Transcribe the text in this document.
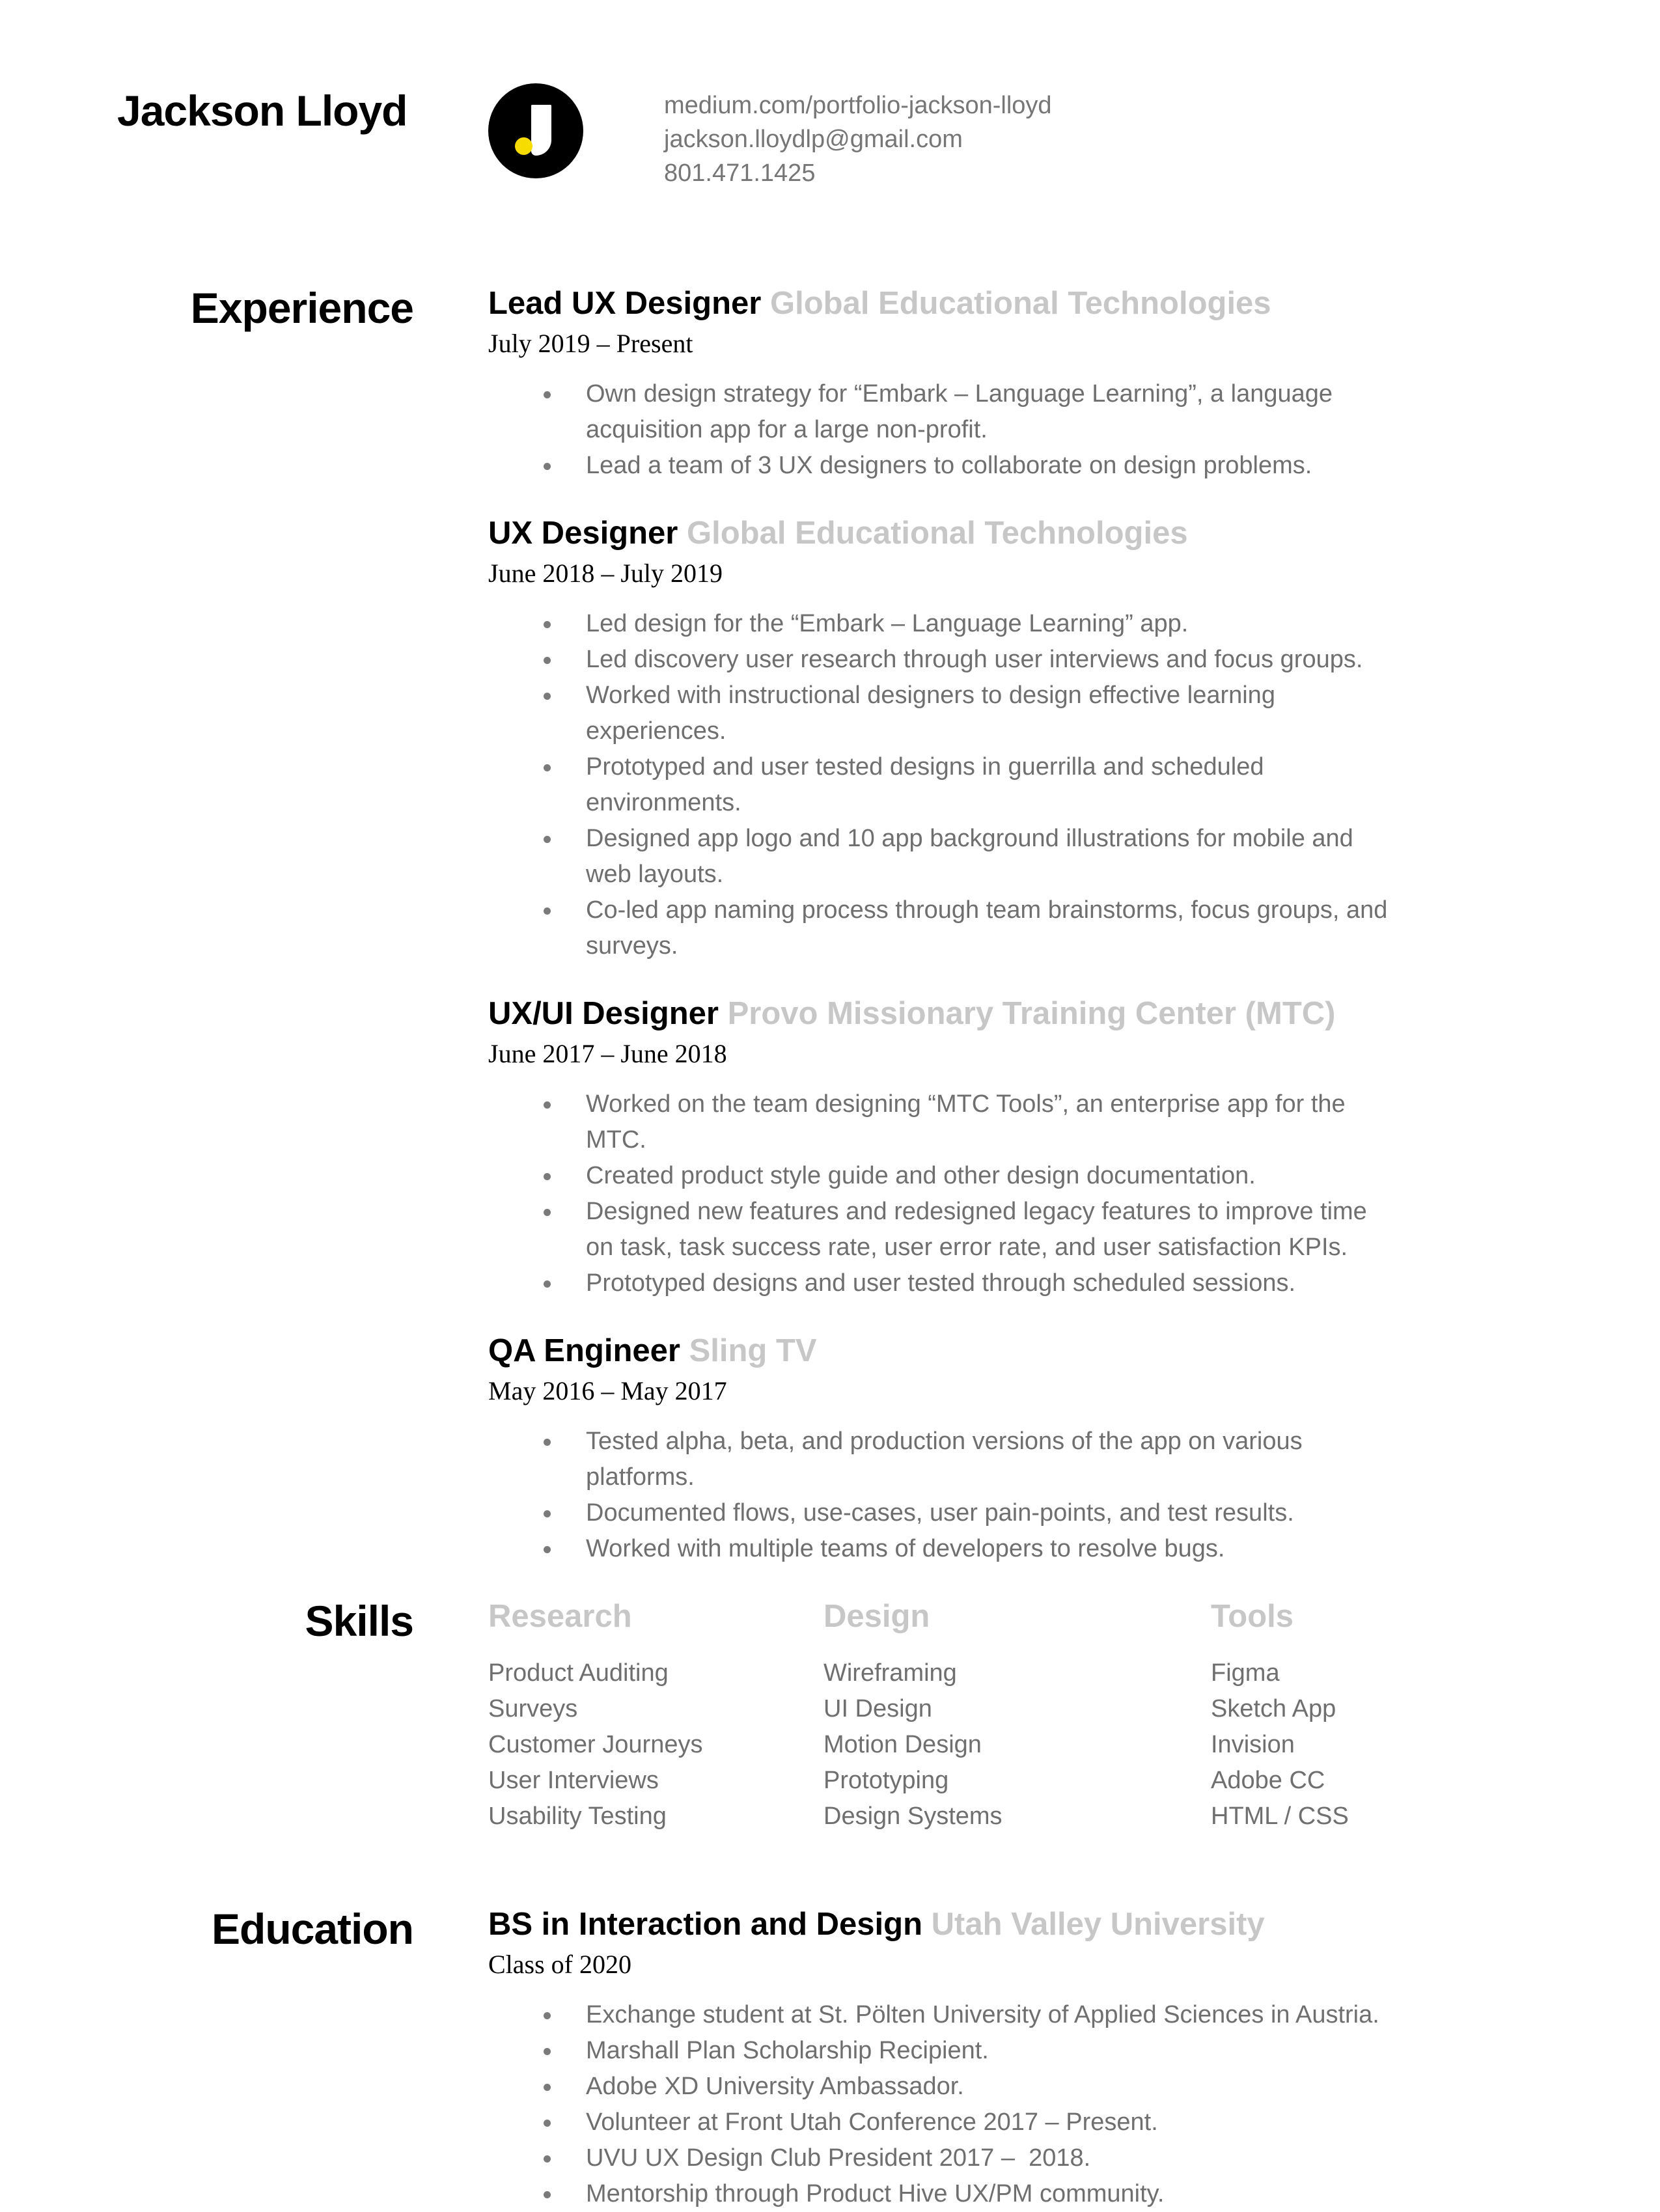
Jackson Lloyd	medium.com/portfolio-jackson-lloyd
jackson.lloydlp@gmail.com
801.471.1425
Experience Lead UX Designer Global Educational Technologies
July 2019 – Present
Own design strategy for “Embark – Language Learning”, a language acquisition app for a large non-profit.
Lead a team of 3 UX designers to collaborate on design problems.
UX Designer Global Educational Technologies
June 2018 – July 2019
Led design for the “Embark – Language Learning” app.
Led discovery user research through user interviews and focus groups.
Worked with instructional designers to design effective learning experiences.
Prototyped and user tested designs in guerrilla and scheduled environments.
Designed app logo and 10 app background illustrations for mobile and web layouts.
Co-led app naming process through team brainstorms, focus groups, and surveys.
UX/UI Designer Provo Missionary Training Center (MTC)
June 2017 – June 2018
Worked on the team designing “MTC Tools”, an enterprise app for the MTC.
Created product style guide and other design documentation.
Designed new features and redesigned legacy features to improve time on task, task success rate, user error rate, and user satisfaction KPIs.
Prototyped designs and user tested through scheduled sessions.
QA Engineer Sling TV
May 2016 – May 2017
Tested alpha, beta, and production versions of the app on various platforms.
Documented flows, use-cases, user pain-points, and test results.
Worked with multiple teams of developers to resolve bugs.
Skills Research
Product Auditing
Surveys
Customer Journeys
User Interviews
Usability Testing
Design
Wireframing
UI Design
Motion Design
Prototyping
Design Systems
Tools
Figma
Sketch App
Invision
Adobe CC
HTML / CSS
Education BS in Interaction and Design Utah Valley University
Class of 2020
Exchange student at St. Pölten University of Applied Sciences in Austria.
Marshall Plan Scholarship Recipient.
Adobe XD University Ambassador.
Volunteer at Front Utah Conference 2017 – Present.
UVU UX Design Club President 2017 –  2018.
Mentorship through Product Hive UX/PM community.
